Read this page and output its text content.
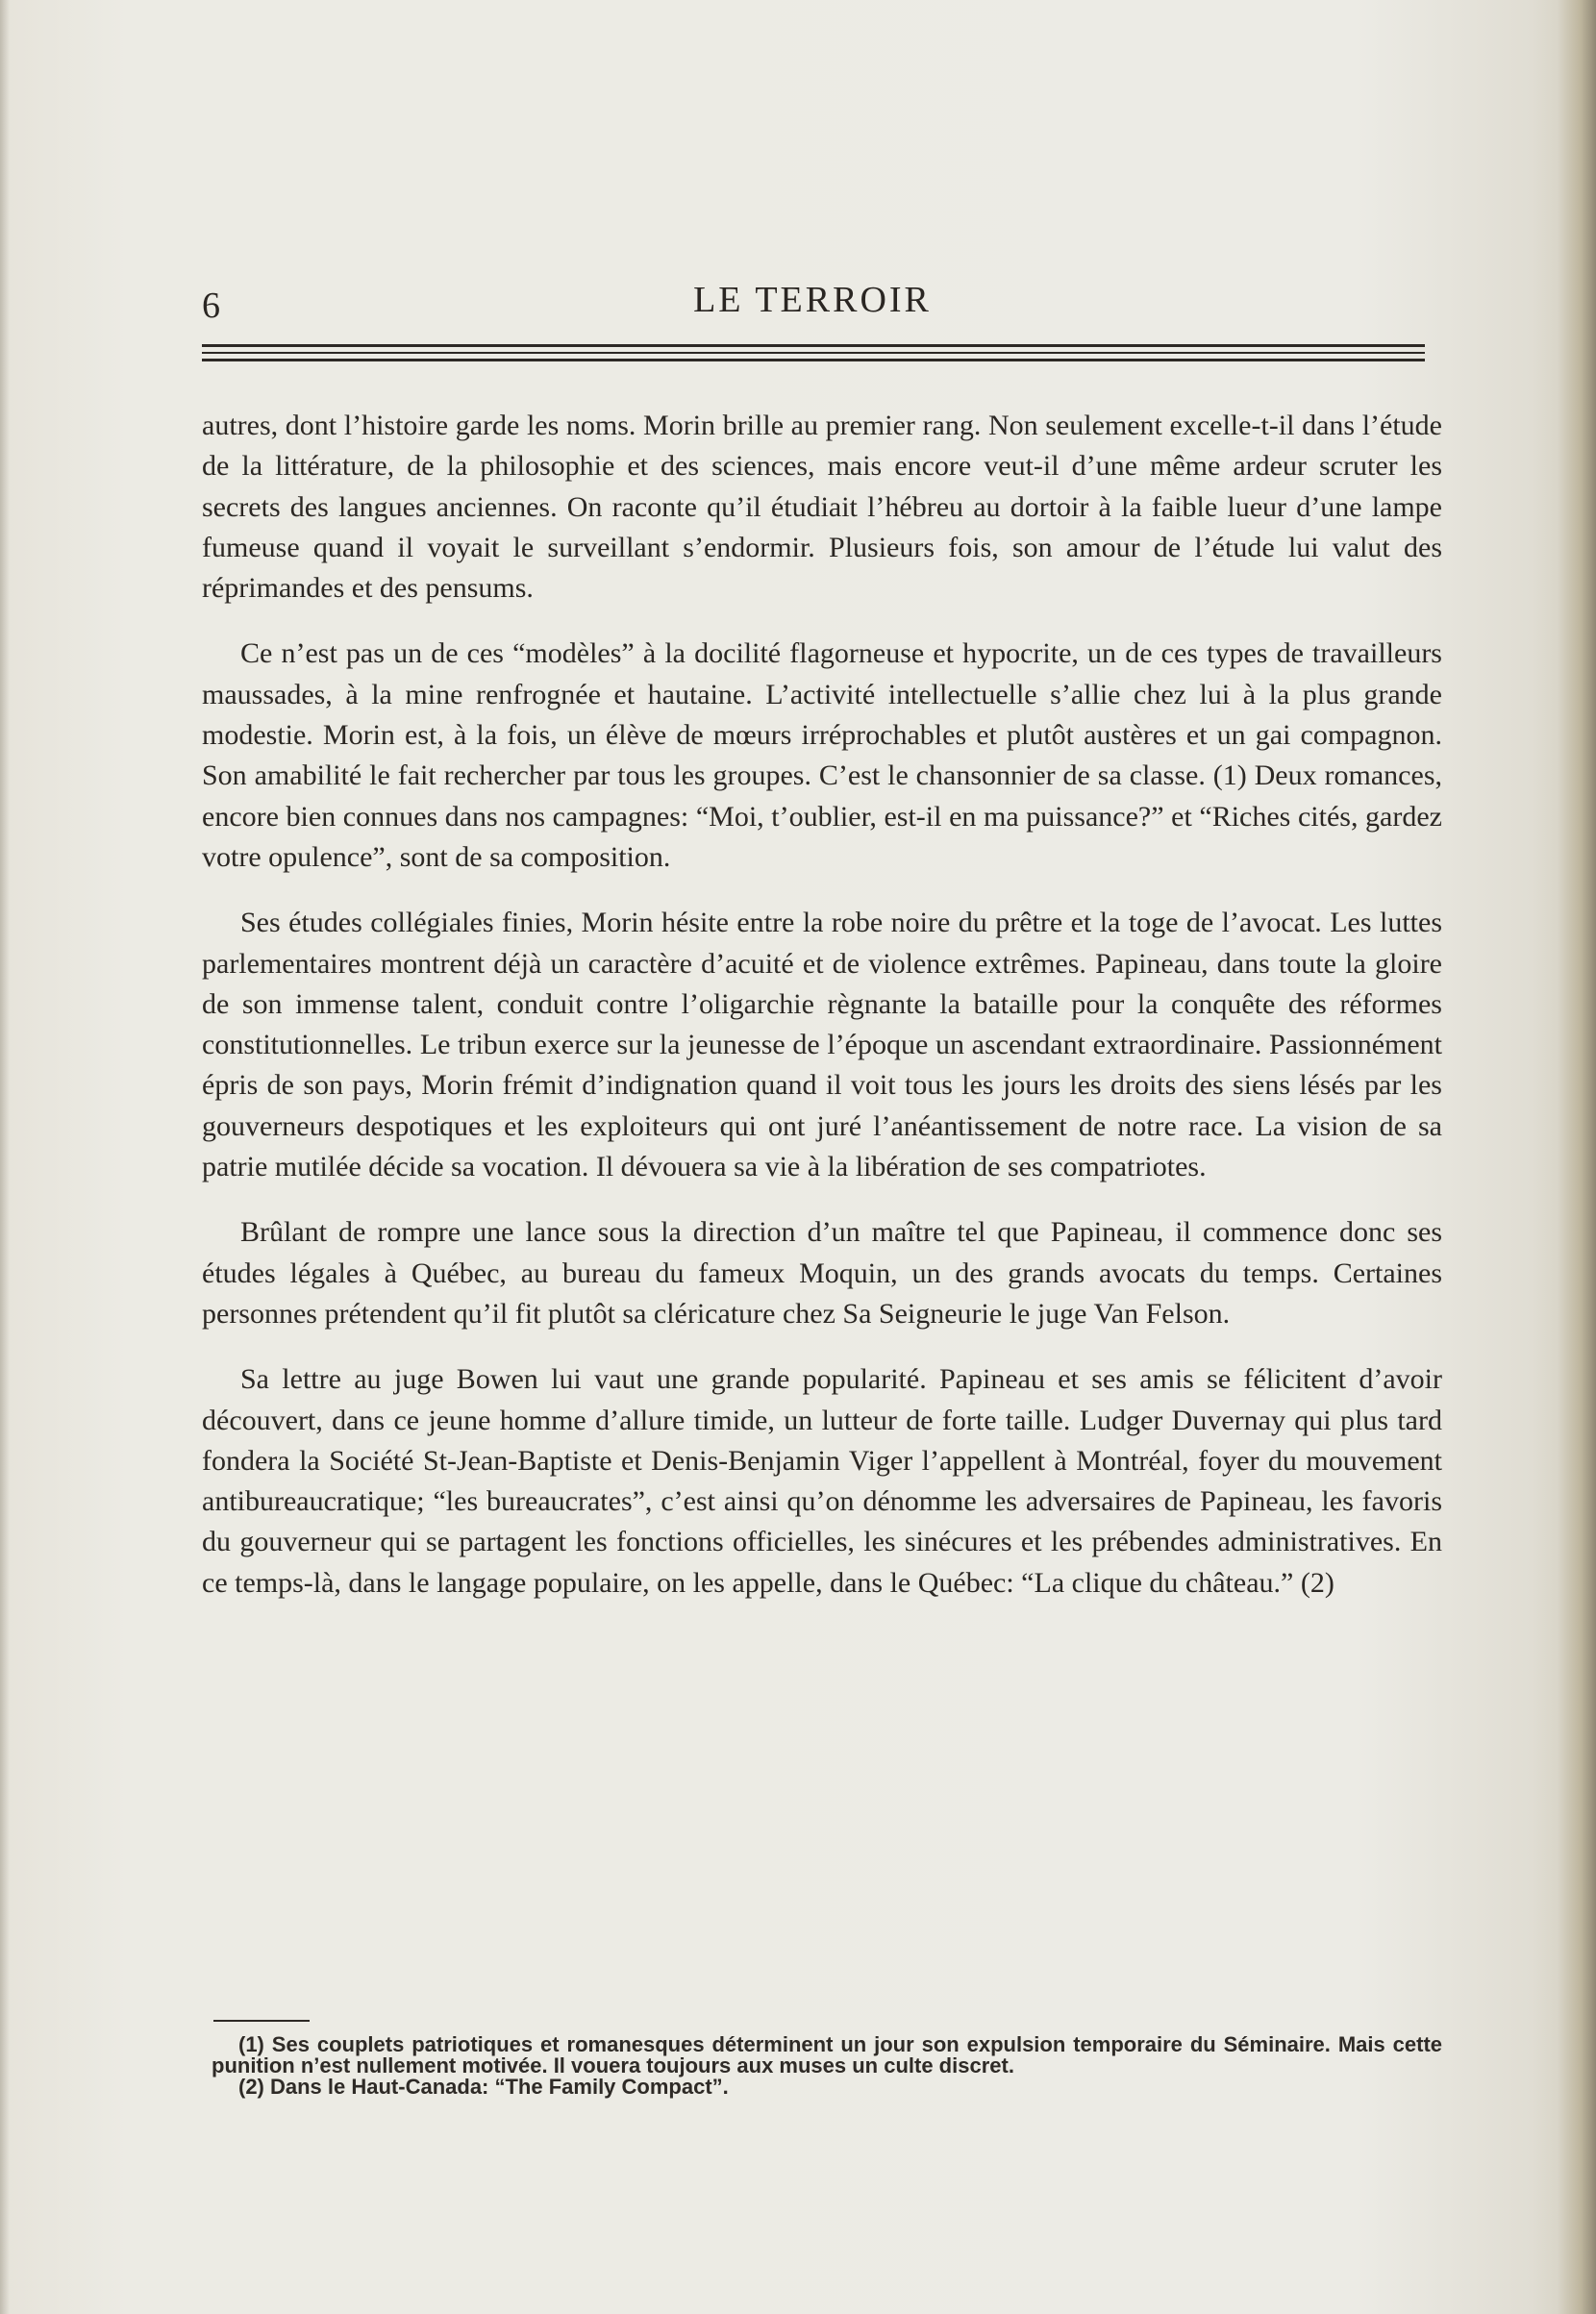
6	LE TERROIR

autres, dont l’histoire garde les noms. Morin brille au premier rang. Non seulement excelle-t-il dans l’étude de la littérature, de la philosophie et des sciences, mais encore veut-il d’une même ardeur scruter les secrets des langues anciennes. On raconte qu’il étudiait l’hébreu au dortoir à la faible lueur d’une lampe fumeuse quand il voyait le surveillant s’endormir. Plusieurs fois, son amour de l’étude lui valut des réprimandes et des pensums.

Ce n’est pas un de ces “modèles” à la docilité flagorneuse et hypocrite, un de ces types de travailleurs maussades, à la mine renfrognée et hautaine. L’activité intellectuelle s’allie chez lui à la plus grande modestie. Morin est, à la fois, un élève de mœurs irréprochables et plutôt austères et un gai compagnon. Son amabilité le fait rechercher par tous les groupes. C’est le chansonnier de sa classe. (1) Deux romances, encore bien connues dans nos campagnes: “Moi, t’oublier, est-il en ma puissance?” et “Riches cités, gardez votre opulence”, sont de sa composition.

Ses études collégiales finies, Morin hésite entre la robe noire du prêtre et la toge de l’avocat. Les luttes parlementaires montrent déjà un caractère d’acuité et de violence extrêmes. Papineau, dans toute la gloire de son immense talent, conduit contre l’oligarchie règnante la bataille pour la conquête des réformes constitutionnelles. Le tribun exerce sur la jeunesse de l’époque un ascendant extraordinaire. Passionnément épris de son pays, Morin frémit d’indignation quand il voit tous les jours les droits des siens lésés par les gouverneurs despotiques et les exploiteurs qui ont juré l’anéantissement de notre race. La vision de sa patrie mutilée décide sa vocation. Il dévouera sa vie à la libération de ses compatriotes.

Brûlant de rompre une lance sous la direction d’un maître tel que Papineau, il commence donc ses études légales à Québec, au bureau du fameux Moquin, un des grands avocats du temps. Certaines personnes prétendent qu’il fit plutôt sa cléricature chez Sa Seigneurie le juge Van Felson.

Sa lettre au juge Bowen lui vaut une grande popularité. Papineau et ses amis se félicitent d’avoir découvert, dans ce jeune homme d’allure timide, un lutteur de forte taille. Ludger Duvernay qui plus tard fondera la Société St-Jean-Baptiste et Denis-Benjamin Viger l’appellent à Montréal, foyer du mouvement antibureaucratique; “les bureaucrates”, c’est ainsi qu’on dénomme les adversaires de Papineau, les favoris du gouverneur qui se partagent les fonctions officielles, les sinécures et les prébendes administratives. En ce temps-là, dans le langage populaire, on les appelle, dans le Québec: “La clique du château.” (2)

(1) Ses couplets patriotiques et romanesques déterminent un jour son expulsion temporaire du Séminaire. Mais cette punition n’est nullement motivée. Il vouera toujours aux muses un culte discret.

(2) Dans le Haut-Canada: “The Family Compact”.
